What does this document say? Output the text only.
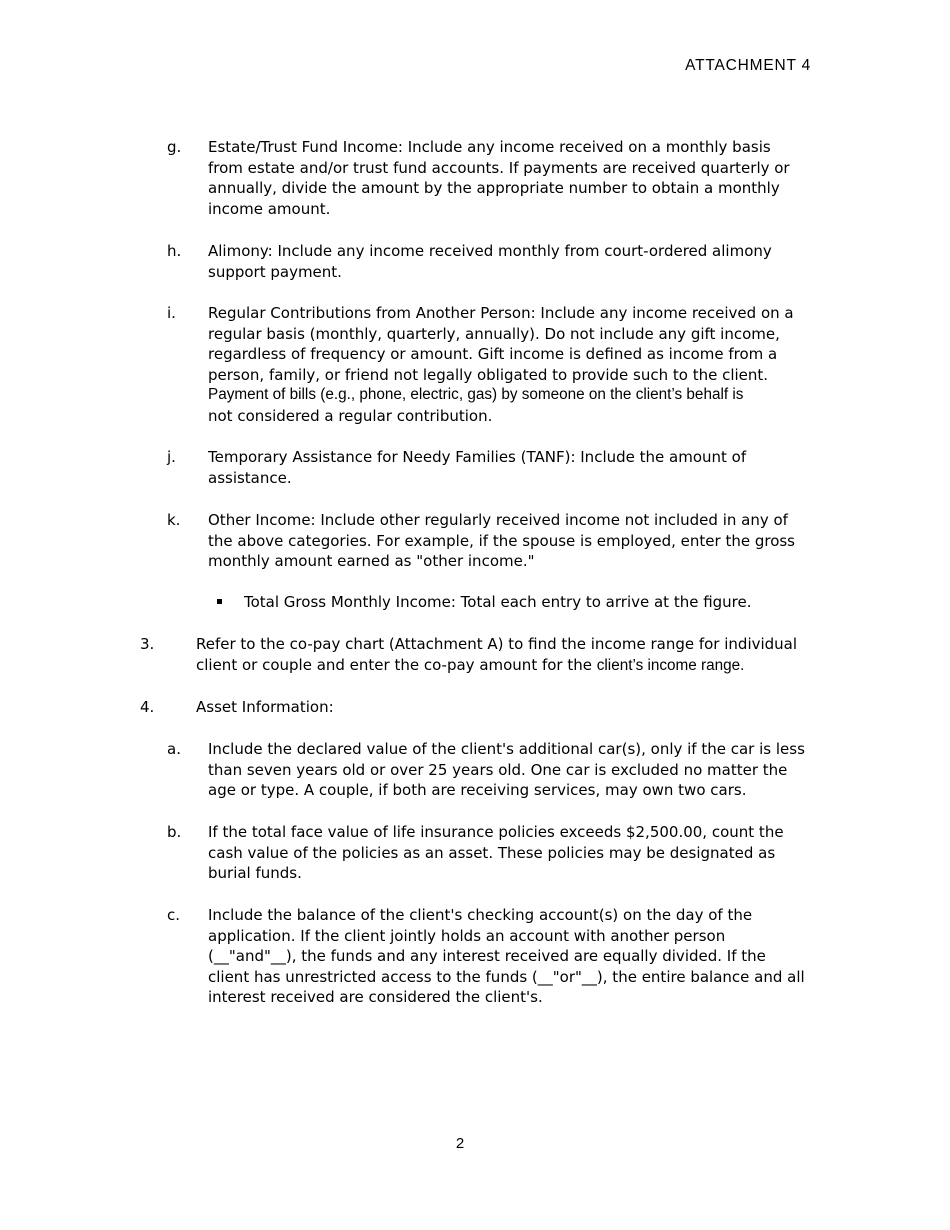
ATTACHMENT 4
g. Estate/Trust Fund Income: Include any income received on a monthly basis
from estate and/or trust fund accounts. If payments are received quarterly or
annually, divide the amount by the appropriate number to obtain a monthly
income amount.
h. Alimony: Include any income received monthly from court-ordered alimony
support payment.
i. Regular Contributions from Another Person: Include any income received on a
regular basis (monthly, quarterly, annually). Do not include any gift income,
regardless of frequency or amount. Gift income is defined as income from a
person, family, or friend not legally obligated to provide such to the client.
Payment of bills (e.g., phone, electric, gas) by someone on the client’s behalf is
not considered a regular contribution.
j. Temporary Assistance for Needy Families (TANF): Include the amount of
assistance.
k. Other Income: Include other regularly received income not included in any of
the above categories. For example, if the spouse is employed, enter the gross
monthly amount earned as "other income."
Total Gross Monthly Income: Total each entry to arrive at the figure.
3.	Refer to the co-pay chart (Attachment A) to find the income range for individual
client or couple and enter the co-pay amount for the client’s income range.
4.	Asset Information:
a. Include the declared value of the client's additional car(s), only if the car is less
than seven years old or over 25 years old. One car is excluded no matter the
age or type. A couple, if both are receiving services, may own two cars.
b. If the total face value of life insurance policies exceeds $2,500.00, count the
cash value of the policies as an asset. These policies may be designated as
burial funds.
c. Include the balance of the client's checking account(s) on the day of the
application. If the client jointly holds an account with another person
(__"and"__), the funds and any interest received are equally divided. If the
client has unrestricted access to the funds (__"or"__), the entire balance and all
interest received are considered the client's.
2
